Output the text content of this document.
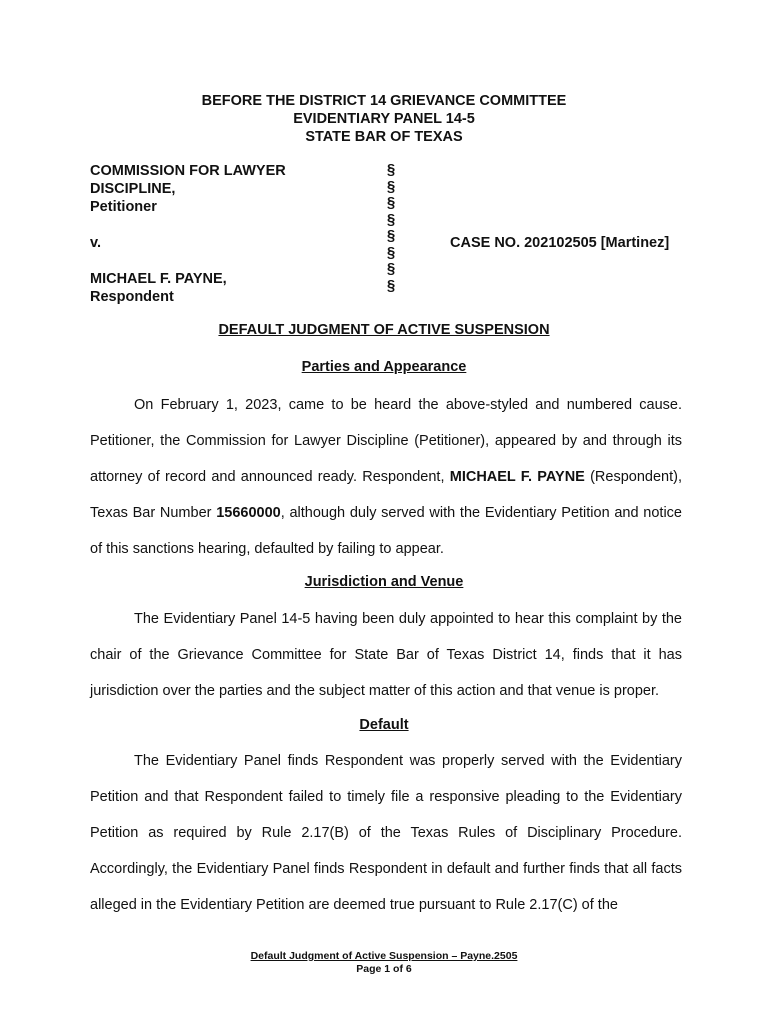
BEFORE THE DISTRICT 14 GRIEVANCE COMMITTEE
EVIDENTIARY PANEL 14-5
STATE BAR OF TEXAS
COMMISSION FOR LAWYER
DISCIPLINE,
Petitioner
v.
MICHAEL F. PAYNE,
Respondent
§
§
§
§
§
§
§
§
CASE NO. 202102505 [Martinez]
DEFAULT JUDGMENT OF ACTIVE SUSPENSION
Parties and Appearance
On February 1, 2023, came to be heard the above-styled and numbered cause. Petitioner, the Commission for Lawyer Discipline (Petitioner), appeared by and through its attorney of record and announced ready. Respondent, MICHAEL F. PAYNE (Respondent), Texas Bar Number 15660000, although duly served with the Evidentiary Petition and notice of this sanctions hearing, defaulted by failing to appear.
Jurisdiction and Venue
The Evidentiary Panel 14-5 having been duly appointed to hear this complaint by the chair of the Grievance Committee for State Bar of Texas District 14, finds that it has jurisdiction over the parties and the subject matter of this action and that venue is proper.
Default
The Evidentiary Panel finds Respondent was properly served with the Evidentiary Petition and that Respondent failed to timely file a responsive pleading to the Evidentiary Petition as required by Rule 2.17(B) of the Texas Rules of Disciplinary Procedure. Accordingly, the Evidentiary Panel finds Respondent in default and further finds that all facts alleged in the Evidentiary Petition are deemed true pursuant to Rule 2.17(C) of the
Default Judgment of Active Suspension – Payne.2505
Page 1 of 6
